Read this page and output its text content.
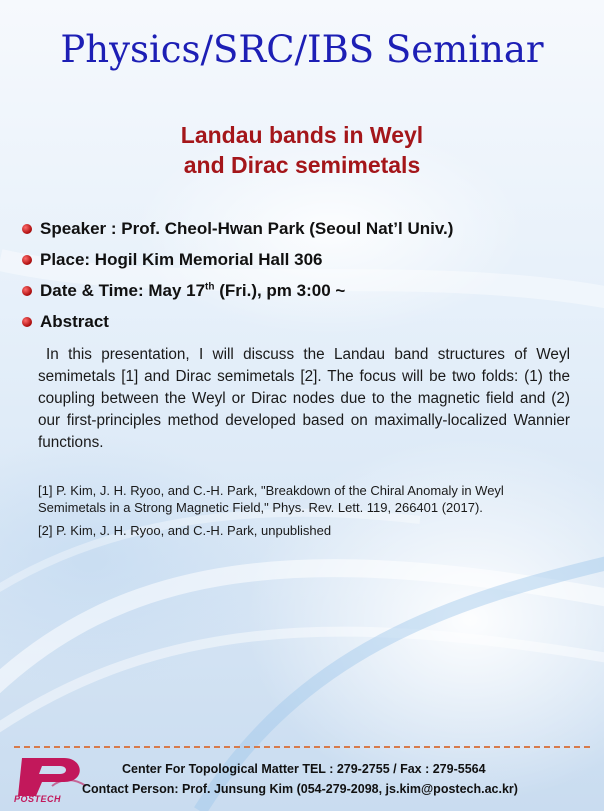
Physics/SRC/IBS Seminar
Landau bands in Weyl
and Dirac semimetals
Speaker : Prof. Cheol-Hwan Park (Seoul Nat’l Univ.)
Place: Hogil Kim Memorial Hall 306
Date & Time: May 17th (Fri.), pm 3:00 ~
Abstract
In this presentation, I will discuss the Landau band structures of Weyl semimetals [1] and Dirac semimetals [2]. The focus will be two folds: (1) the coupling between the Weyl or Dirac nodes due to the magnetic field and (2) our first-principles method developed based on maximally-localized Wannier functions.

[1] P. Kim, J. H. Ryoo, and C.-H. Park, "Breakdown of the Chiral Anomaly in Weyl Semimetals in a Strong Magnetic Field," Phys. Rev. Lett. 119, 266401 (2017).

[2] P. Kim, J. H. Ryoo, and C.-H. Park, unpublished

POSTECH
Center For Topological Matter TEL : 279-2755 / Fax : 279-5564
Contact Person: Prof. Junsung Kim (054-279-2098, js.kim@postech.ac.kr)
